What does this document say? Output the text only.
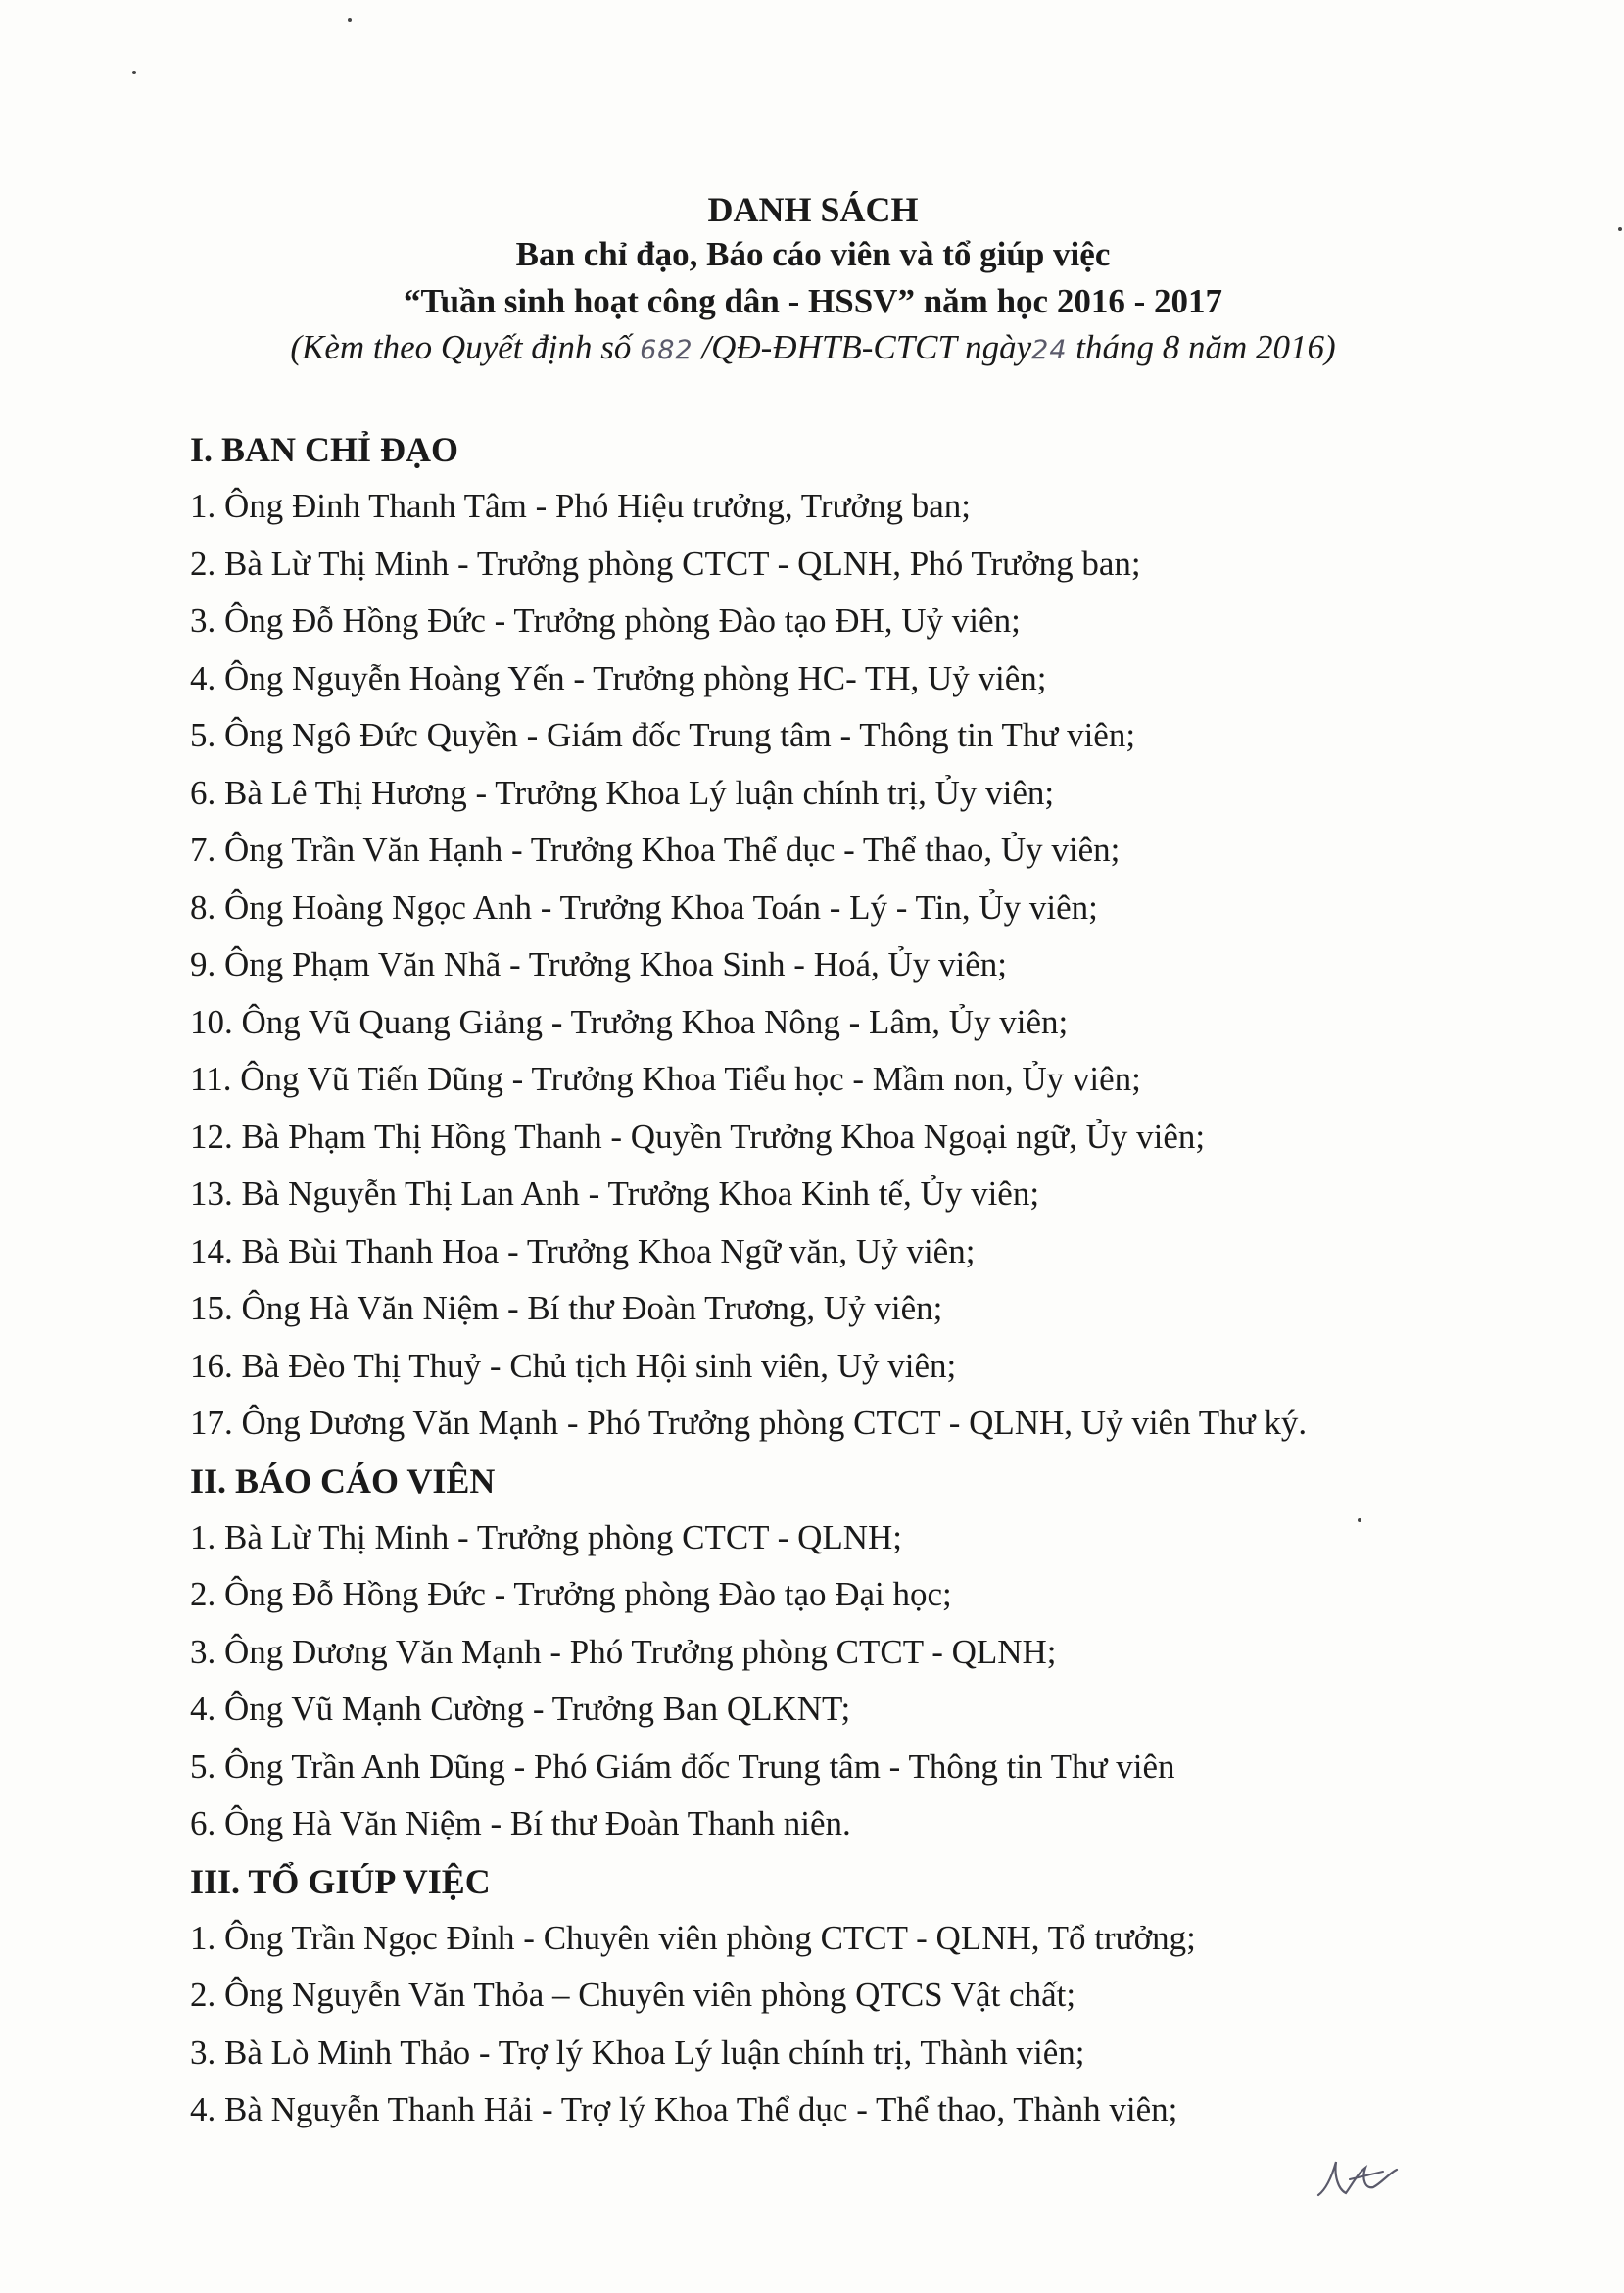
DANH SÁCH
Ban chỉ đạo, Báo cáo viên và tổ giúp việc
“Tuần sinh hoạt công dân - HSSV” năm học 2016 - 2017
(Kèm theo Quyết định số 682 /QĐ-ĐHTB-CTCT ngày24 tháng 8 năm 2016)
I. BAN CHỈ ĐẠO
1. Ông Đinh Thanh Tâm - Phó Hiệu trưởng, Trưởng ban;
2. Bà Lừ Thị Minh - Trưởng phòng CTCT - QLNH, Phó Trưởng ban;
3. Ông Đỗ Hồng Đức - Trưởng phòng Đào tạo ĐH, Uỷ viên;
4. Ông Nguyễn Hoàng Yến - Trưởng phòng HC- TH, Uỷ viên;
5. Ông Ngô Đức Quyền - Giám đốc Trung tâm - Thông tin Thư viên;
6. Bà Lê Thị Hương - Trưởng Khoa Lý luận chính trị, Ủy viên;
7. Ông Trần Văn Hạnh - Trưởng Khoa Thể dục - Thể thao, Ủy viên;
8. Ông Hoàng Ngọc Anh - Trưởng Khoa Toán - Lý - Tin, Ủy viên;
9. Ông Phạm Văn Nhã - Trưởng Khoa Sinh - Hoá, Ủy viên;
10. Ông Vũ Quang Giảng - Trưởng Khoa Nông - Lâm, Ủy viên;
11. Ông Vũ Tiến Dũng - Trưởng Khoa Tiểu học - Mầm non, Ủy viên;
12. Bà Phạm Thị Hồng Thanh - Quyền Trưởng Khoa Ngoại ngữ, Ủy viên;
13. Bà Nguyễn Thị Lan Anh - Trưởng Khoa Kinh tế, Ủy viên;
14. Bà Bùi Thanh Hoa - Trưởng Khoa Ngữ văn, Uỷ viên;
15. Ông Hà Văn Niệm - Bí thư Đoàn Trương, Uỷ viên;
16. Bà Đèo Thị Thuỷ - Chủ tịch Hội sinh viên, Uỷ viên;
17. Ông Dương Văn Mạnh - Phó Trưởng phòng CTCT - QLNH, Uỷ viên Thư ký.
II. BÁO CÁO VIÊN
1. Bà Lừ Thị Minh - Trưởng phòng CTCT - QLNH;
2. Ông Đỗ Hồng Đức - Trưởng phòng Đào tạo Đại học;
3. Ông Dương Văn Mạnh - Phó Trưởng phòng CTCT - QLNH;
4. Ông Vũ Mạnh Cường - Trưởng Ban QLKNT;
5. Ông Trần Anh Dũng - Phó Giám đốc Trung tâm - Thông tin Thư viên
6. Ông Hà Văn Niệm - Bí thư Đoàn Thanh niên.
III. TỔ GIÚP VIỆC
1. Ông Trần Ngọc Đỉnh - Chuyên viên phòng CTCT - QLNH, Tổ trưởng;
2. Ông Nguyễn Văn Thỏa – Chuyên viên phòng QTCS Vật chất;
3. Bà Lò Minh Thảo - Trợ lý Khoa Lý luận chính trị, Thành viên;
4. Bà Nguyễn Thanh Hải - Trợ lý Khoa Thể dục - Thể thao, Thành viên;
